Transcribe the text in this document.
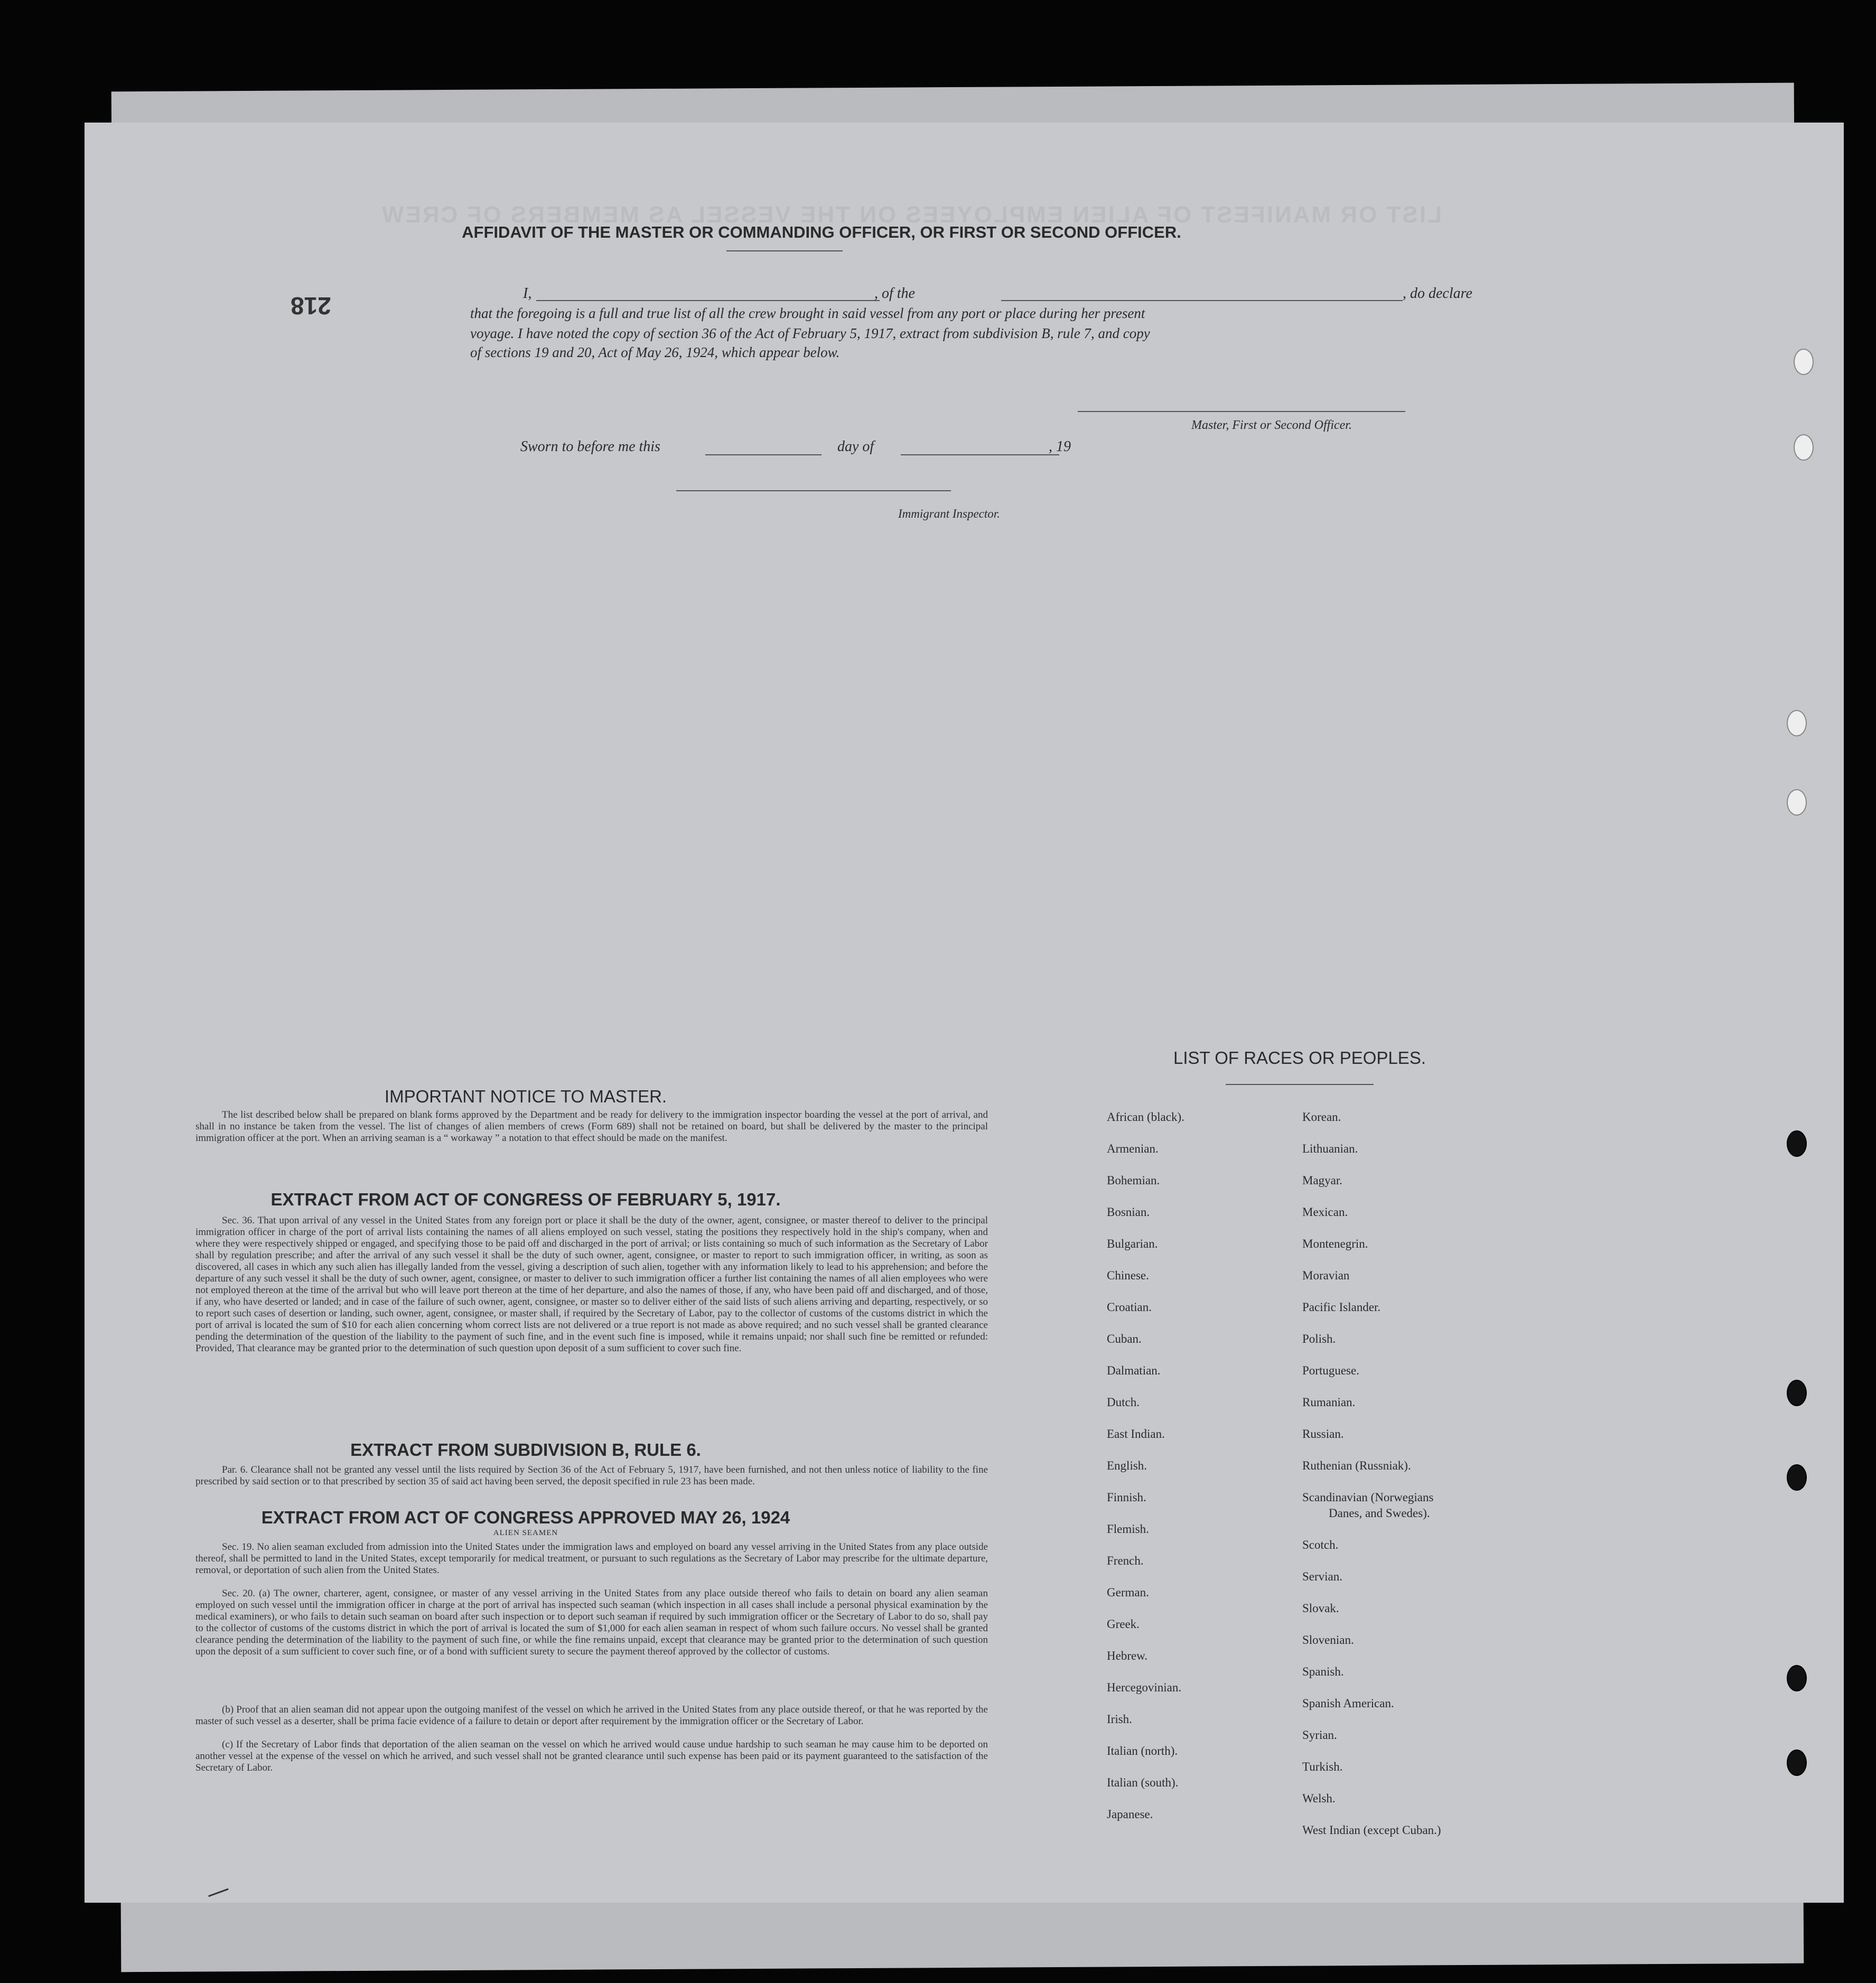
LIST OR MANIFEST OF ALIEN EMPLOYEES ON THE VESSEL AS MEMBERS OF CREW
218
AFFIDAVIT OF THE MASTER OR COMMANDING OFFICER, OR FIRST OR SECOND OFFICER.
I,	, of the	, do declare
that the foregoing is a full and true list of all the crew brought in said vessel from any port or place during her present
voyage. I have noted the copy of section 36 of the Act of February 5, 1917, extract from subdivision B, rule 7, and copy
of sections 19 and 20, Act of May 26, 1924, which appear below.
Master, First or Second Officer.
Sworn to before me this	day of	, 19
Immigrant Inspector.
IMPORTANT NOTICE TO MASTER.
The list described below shall be prepared on blank forms approved by the Department and be ready for delivery to the immigration inspector boarding the vessel at the port of arrival, and shall in no instance be taken from the vessel. The list of changes of alien members of crews (Form 689) shall not be retained on board, but shall be delivered by the master to the principal immigration officer at the port. When an arriving seaman is a “ workaway ” a notation to that effect should be made on the manifest.
EXTRACT FROM ACT OF CONGRESS OF FEBRUARY 5, 1917.
Sec. 36. That upon arrival of any vessel in the United States from any foreign port or place it shall be the duty of the owner, agent, consignee, or master thereof to deliver to the principal immigration officer in charge of the port of arrival lists containing the names of all aliens employed on such vessel, stating the positions they respectively hold in the ship's company, when and where they were respectively shipped or engaged, and specifying those to be paid off and discharged in the port of arrival; or lists containing so much of such information as the Secretary of Labor shall by regulation prescribe; and after the arrival of any such vessel it shall be the duty of such owner, agent, consignee, or master to report to such immigration officer, in writing, as soon as discovered, all cases in which any such alien has illegally landed from the vessel, giving a description of such alien, together with any information likely to lead to his apprehension; and before the departure of any such vessel it shall be the duty of such owner, agent, consignee, or master to deliver to such immigration officer a further list containing the names of all alien employees who were not employed thereon at the time of the arrival but who will leave port thereon at the time of her departure, and also the names of those, if any, who have been paid off and discharged, and of those, if any, who have deserted or landed; and in case of the failure of such owner, agent, consignee, or master so to deliver either of the said lists of such aliens arriving and departing, respectively, or so to report such cases of desertion or landing, such owner, agent, consignee, or master shall, if required by the Secretary of Labor, pay to the collector of customs of the customs district in which the port of arrival is located the sum of $10 for each alien concerning whom correct lists are not delivered or a true report is not made as above required; and no such vessel shall be granted clearance pending the determination of the question of the liability to the payment of such fine, and in the event such fine is imposed, while it remains unpaid; nor shall such fine be remitted or refunded: Provided, That clearance may be granted prior to the determination of such question upon deposit of a sum sufficient to cover such fine.
EXTRACT FROM SUBDIVISION B, RULE 6.
Par. 6. Clearance shall not be granted any vessel until the lists required by Section 36 of the Act of February 5, 1917, have been furnished, and not then unless notice of liability to the fine prescribed by said section or to that prescribed by section 35 of said act having been served, the deposit specified in rule 23 has been made.
EXTRACT FROM ACT OF CONGRESS APPROVED MAY 26, 1924
ALIEN SEAMEN
Sec. 19. No alien seaman excluded from admission into the United States under the immigration laws and employed on board any vessel arriving in the United States from any place outside thereof, shall be permitted to land in the United States, except temporarily for medical treatment, or pursuant to such regulations as the Secretary of Labor may prescribe for the ultimate departure, removal, or deportation of such alien from the United States.
Sec. 20. (a) The owner, charterer, agent, consignee, or master of any vessel arriving in the United States from any place outside thereof who fails to detain on board any alien seaman employed on such vessel until the immigration officer in charge at the port of arrival has inspected such seaman (which inspection in all cases shall include a personal physical examination by the medical examiners), or who fails to detain such seaman on board after such inspection or to deport such seaman if required by such immigration officer or the Secretary of Labor to do so, shall pay to the collector of customs of the customs district in which the port of arrival is located the sum of $1,000 for each alien seaman in respect of whom such failure occurs. No vessel shall be granted clearance pending the determination of the liability to the payment of such fine, or while the fine remains unpaid, except that clearance may be granted prior to the determination of such question upon the deposit of a sum sufficient to cover such fine, or of a bond with sufficient surety to secure the payment thereof approved by the collector of customs.
(b) Proof that an alien seaman did not appear upon the outgoing manifest of the vessel on which he arrived in the United States from any place outside thereof, or that he was reported by the master of such vessel as a deserter, shall be prima facie evidence of a failure to detain or deport after requirement by the immigration officer or the Secretary of Labor.
(c) If the Secretary of Labor finds that deportation of the alien seaman on the vessel on which he arrived would cause undue hardship to such seaman he may cause him to be deported on another vessel at the expense of the vessel on which he arrived, and such vessel shall not be granted clearance until such expense has been paid or its payment guaranteed to the satisfaction of the Secretary of Labor.
LIST OF RACES OR PEOPLES.
African (black).
Armenian.
Bohemian.
Bosnian.
Bulgarian.
Chinese.
Croatian.
Cuban.
Dalmatian.
Dutch.
East Indian.
English.
Finnish.
Flemish.
French.
German.
Greek.
Hebrew.
Hercegovinian.
Irish.
Italian (north).
Italian (south).
Japanese.
Korean.
Lithuanian.
Magyar.
Mexican.
Montenegrin.
Moravian
Pacific Islander.
Polish.
Portuguese.
Rumanian.
Russian.
Ruthenian (Russniak).
Scandinavian (Norwegians
Danes, and Swedes).
Scotch.
Servian.
Slovak.
Slovenian.
Spanish.
Spanish American.
Syrian.
Turkish.
Welsh.
West Indian (except Cuban.)
